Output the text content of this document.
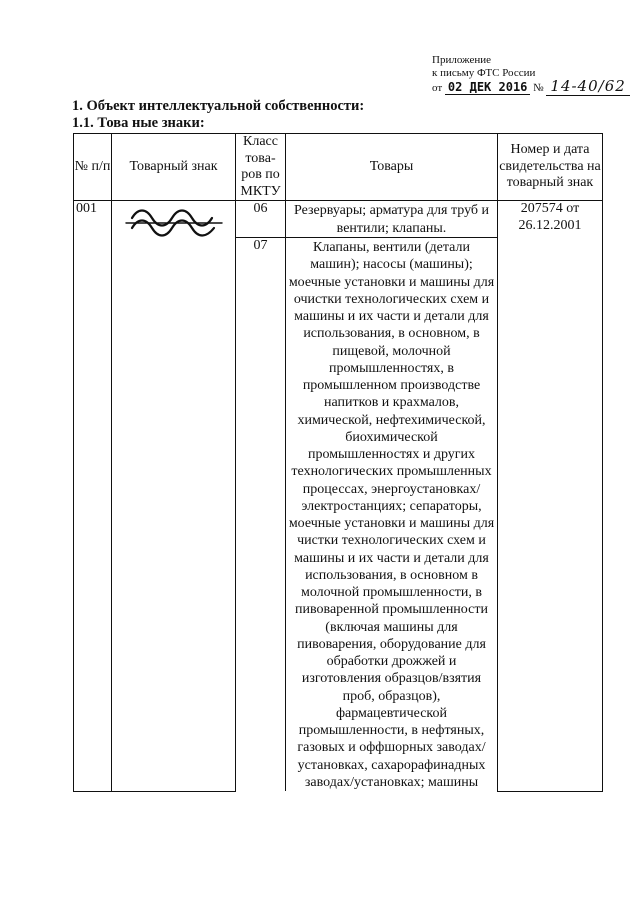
Приложение
к письму ФТС России
от 02 ДЕК 2016 № 14-40/62
1. Объект интеллектуальной собственности:
1.1. Това ные знаки:
№ п/п	Товарный знак	Класс това-ров по МКТУ	Товары	Номер и дата свидетельства на товарный знак
001		06	Резервуары; арматура для труб и вентили; клапаны.	207574 от 26.12.2001
		07	Клапаны, вентили (детали машин); насосы (машины); моечные установки и машины для очистки технологических схем и машины и их части и детали для использования, в основном, в пищевой, молочной промышленностях, в промышленном производстве напитков и крахмалов, химической, нефтехимической, биохимической промышленностях и других технологических промышленных процессах, энергоустановках/электростанциях; сепараторы, моечные установки и машины для чистки технологических схем и машины и их части и детали для использования, в основном в молочной промышленности, в пивоваренной промышленности (включая машины для пивоварения, оборудование для обработки дрожжей и изготовления образцов/взятия проб, образцов), фармацевтической промышленности, в нефтяных, газовых и оффшорных заводах/установках, сахарорафинадных заводах/установках; машины	
